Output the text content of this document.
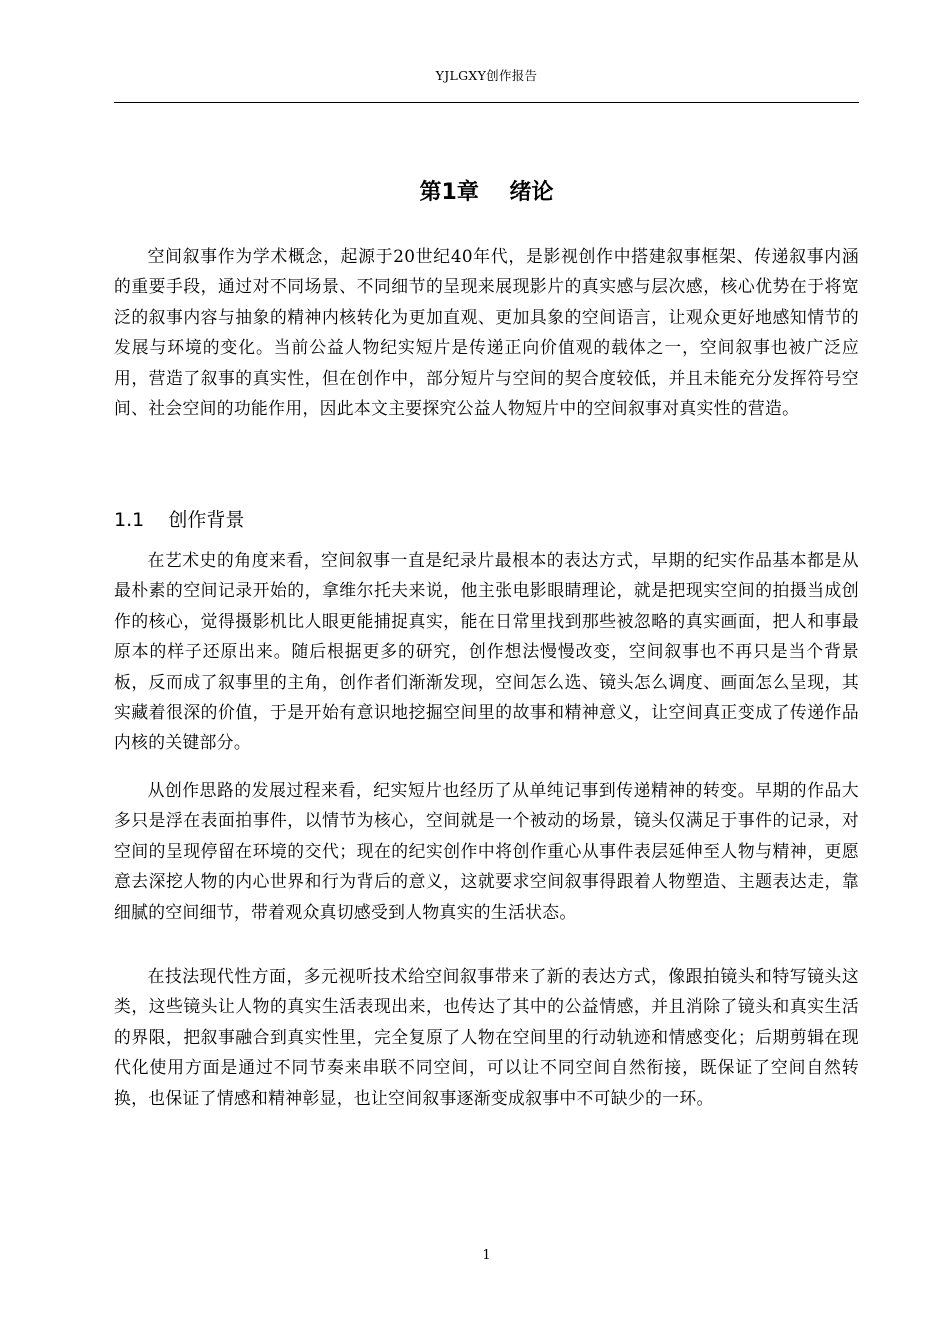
YJLGXY创作报告
第1章    绪论

空间叙事作为学术概念，起源于20世纪40年代，是影视创作中搭建叙事框架、传递叙事内涵的重要手段，通过对不同场景、不同细节的呈现来展现影片的真实感与层次感，核心优势在于将宽泛的叙事内容与抽象的精神内核转化为更加直观、更加具象的空间语言，让观众更好地感知情节的发展与环境的变化。当前公益人物纪实短片是传递正向价值观的载体之一，空间叙事也被广泛应用，营造了叙事的真实性，但在创作中，部分短片与空间的契合度较低，并且未能充分发挥符号空间、社会空间的功能作用，因此本文主要探究公益人物短片中的空间叙事对真实性的营造。

1.1    创作背景

在艺术史的角度来看，空间叙事一直是纪录片最根本的表达方式，早期的纪实作品基本都是从最朴素的空间记录开始的，拿维尔托夫来说，他主张电影眼睛理论，就是把现实空间的拍摄当成创作的核心，觉得摄影机比人眼更能捕捉真实，能在日常里找到那些被忽略的真实画面，把人和事最原本的样子还原出来。随后根据更多的研究，创作想法慢慢改变，空间叙事也不再只是当个背景板，反而成了叙事里的主角，创作者们渐渐发现，空间怎么选、镜头怎么调度、画面怎么呈现，其实藏着很深的价值，于是开始有意识地挖掘空间里的故事和精神意义，让空间真正变成了传递作品内核的关键部分。

从创作思路的发展过程来看，纪实短片也经历了从单纯记事到传递精神的转变。早期的作品大多只是浮在表面拍事件，以情节为核心，空间就是一个被动的场景，镜头仅满足于事件的记录，对空间的呈现停留在环境的交代；现在的纪实创作中将创作重心从事件表层延伸至人物与精神，更愿意去深挖人物的内心世界和行为背后的意义，这就要求空间叙事得跟着人物塑造、主题表达走，靠细腻的空间细节，带着观众真切感受到人物真实的生活状态。

在技法现代性方面，多元视听技术给空间叙事带来了新的表达方式，像跟拍镜头和特写镜头这类，这些镜头让人物的真实生活表现出来，也传达了其中的公益情感，并且消除了镜头和真实生活的界限，把叙事融合到真实性里，完全复原了人物在空间里的行动轨迹和情感变化；后期剪辑在现代化使用方面是通过不同节奏来串联不同空间，可以让不同空间自然衔接，既保证了空间自然转换，也保证了情感和精神彰显，也让空间叙事逐渐变成叙事中不可缺少的一环。

1
